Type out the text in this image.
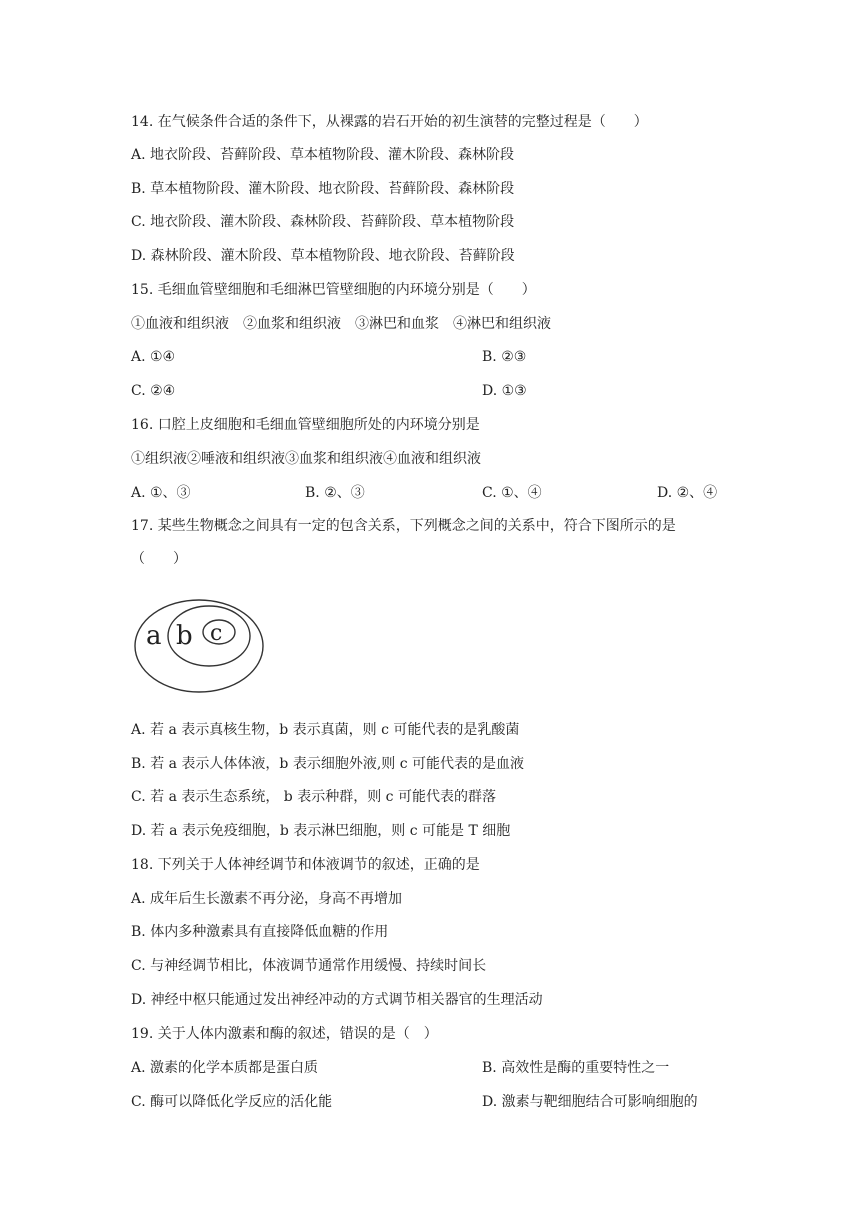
14. 在气候条件合适的条件下，从裸露的岩石开始的初生演替的完整过程是（　　）
A. 地衣阶段、苔藓阶段、草本植物阶段、灌木阶段、森林阶段
B. 草本植物阶段、灌木阶段、地衣阶段、苔藓阶段、森林阶段
C. 地衣阶段、灌木阶段、森林阶段、苔藓阶段、草本植物阶段
D. 森林阶段、灌木阶段、草本植物阶段、地衣阶段、苔藓阶段
15. 毛细血管壁细胞和毛细淋巴管壁细胞的内环境分别是（　　）
①血液和组织液　②血浆和组织液　③淋巴和血浆　④淋巴和组织液
A. ①④	B. ②③
C. ②④	D. ①③
16. 口腔上皮细胞和毛细血管壁细胞所处的内环境分别是
①组织液②唾液和组织液③血浆和组织液④血液和组织液
A. ①、③	B. ②、③	C. ①、④	D. ②、④
17. 某些生物概念之间具有一定的包含关系，下列概念之间的关系中，符合下图所示的是
（　　）
a b c
A. 若 a 表示真核生物，b 表示真菌，则 c 可能代表的是乳酸菌
B. 若 a 表示人体体液，b 表示细胞外液,则 c 可能代表的是血液
C. 若 a 表示生态系统， b 表示种群，则 c 可能代表的群落
D. 若 a 表示免疫细胞，b 表示淋巴细胞，则 c 可能是 T 细胞
18. 下列关于人体神经调节和体液调节的叙述，正确的是
A. 成年后生长激素不再分泌，身高不再增加
B. 体内多种激素具有直接降低血糖的作用
C. 与神经调节相比，体液调节通常作用缓慢、持续时间长
D. 神经中枢只能通过发出神经冲动的方式调节相关器官的生理活动
19. 关于人体内激素和酶的叙述，错误的是（　）
A. 激素的化学本质都是蛋白质	B. 高效性是酶的重要特性之一
C. 酶可以降低化学反应的活化能	D. 激素与靶细胞结合可影响细胞的
